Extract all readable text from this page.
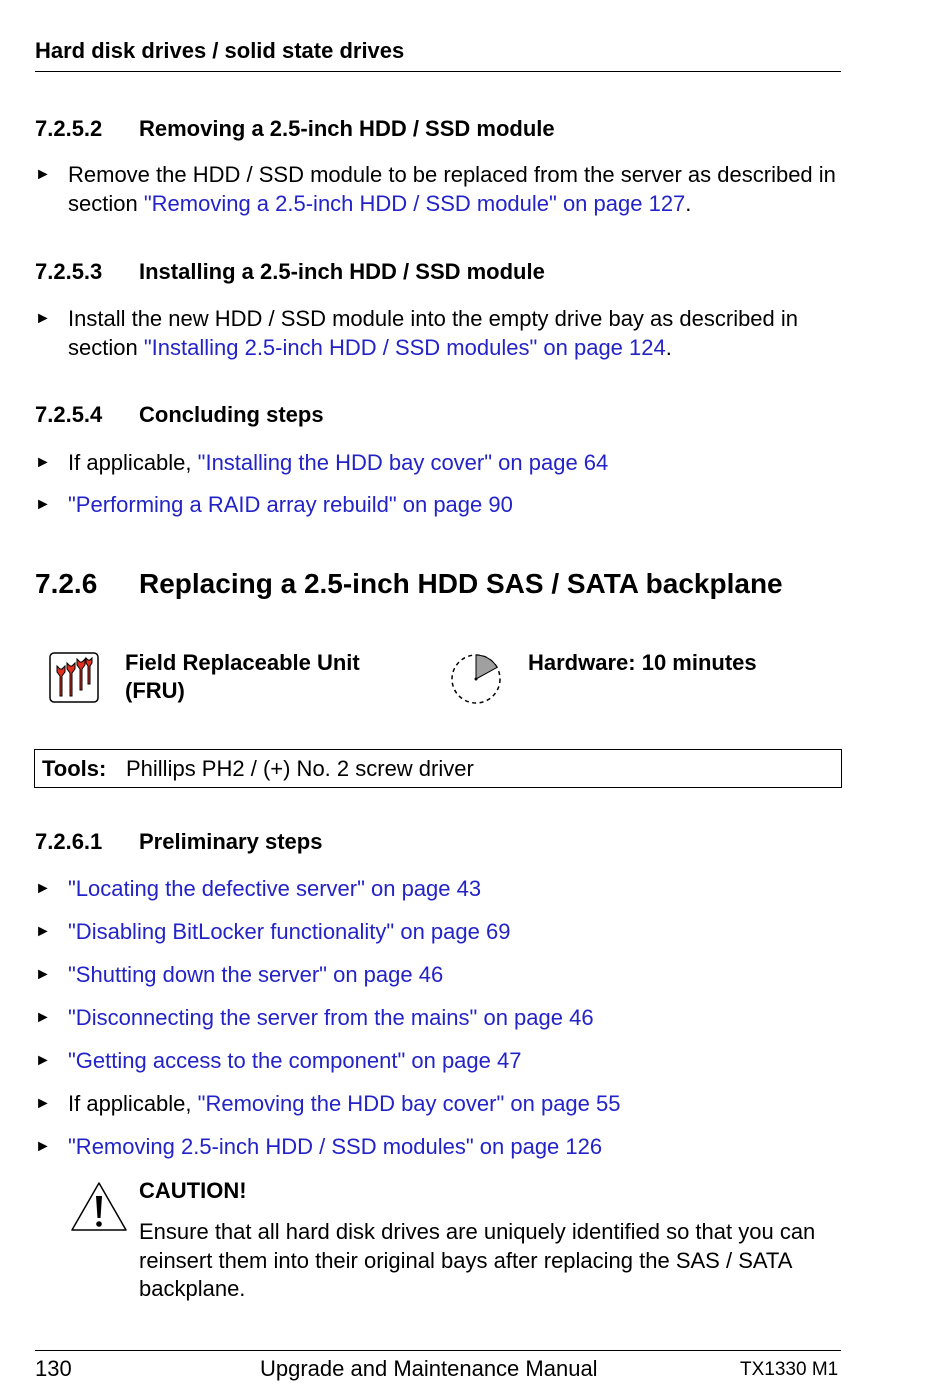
Hard disk drives / solid state drives
7.2.5.2 Removing a 2.5-inch HDD / SSD module
► Remove the HDD / SSD module to be replaced from the server as described in section "Removing a 2.5-inch HDD / SSD module" on page 127.
7.2.5.3 Installing a 2.5-inch HDD / SSD module
► Install the new HDD / SSD module into the empty drive bay as described in section "Installing 2.5-inch HDD / SSD modules" on page 124.
7.2.5.4 Concluding steps
► If applicable, "Installing the HDD bay cover" on page 64
► "Performing a RAID array rebuild" on page 90
7.2.6 Replacing a 2.5-inch HDD SAS / SATA backplane
Field Replaceable Unit
(FRU)
Hardware: 10 minutes
Tools: Phillips PH2 / (+) No. 2 screw driver
7.2.6.1 Preliminary steps
► "Locating the defective server" on page 43
► "Disabling BitLocker functionality" on page 69
► "Shutting down the server" on page 46
► "Disconnecting the server from the mains" on page 46
► "Getting access to the component" on page 47
► If applicable, "Removing the HDD bay cover" on page 55
► "Removing 2.5-inch HDD / SSD modules" on page 126
CAUTION!
Ensure that all hard disk drives are uniquely identified so that you can reinsert them into their original bays after replacing the SAS / SATA backplane.
130	Upgrade and Maintenance Manual	TX1330 M1
